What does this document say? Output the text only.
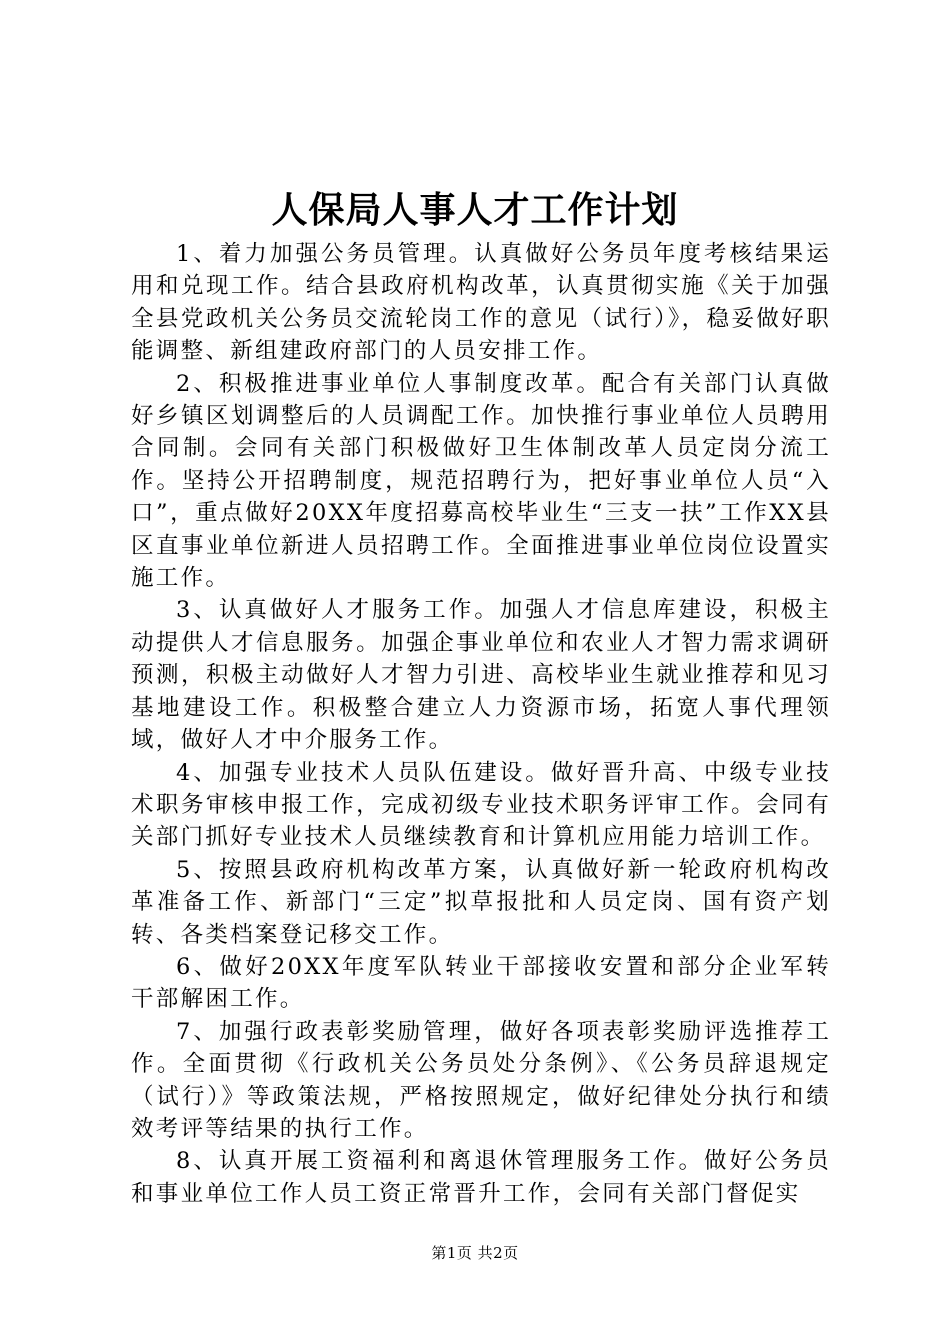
人保局人事人才工作计划

1、着力加强公务员管理。认真做好公务员年度考核结果运用和兑现工作。结合县政府机构改革，认真贯彻实施《关于加强全县党政机关公务员交流轮岗工作的意见（试行）》，稳妥做好职能调整、新组建政府部门的人员安排工作。

2、积极推进事业单位人事制度改革。配合有关部门认真做好乡镇区划调整后的人员调配工作。加快推行事业单位人员聘用合同制。会同有关部门积极做好卫生体制改革人员定岗分流工作。坚持公开招聘制度，规范招聘行为，把好事业单位人员“入口”，重点做好20XX年度招募高校毕业生“三支一扶”工作XX县区直事业单位新进人员招聘工作。全面推进事业单位岗位设置实施工作。

3、认真做好人才服务工作。加强人才信息库建设，积极主动提供人才信息服务。加强企事业单位和农业人才智力需求调研预测，积极主动做好人才智力引进、高校毕业生就业推荐和见习基地建设工作。积极整合建立人力资源市场，拓宽人事代理领域，做好人才中介服务工作。

4、加强专业技术人员队伍建设。做好晋升高、中级专业技术职务审核申报工作，完成初级专业技术职务评审工作。会同有关部门抓好专业技术人员继续教育和计算机应用能力培训工作。

5、按照县政府机构改革方案，认真做好新一轮政府机构改革准备工作、新部门“三定”拟草报批和人员定岗、国有资产划转、各类档案登记移交工作。

6、做好20XX年度军队转业干部接收安置和部分企业军转干部解困工作。

7、加强行政表彰奖励管理，做好各项表彰奖励评选推荐工作。全面贯彻《行政机关公务员处分条例》、《公务员辞退规定（试行）》等政策法规，严格按照规定，做好纪律处分执行和绩效考评等结果的执行工作。

8、认真开展工资福利和离退休管理服务工作。做好公务员和事业单位工作人员工资正常晋升工作，会同有关部门督促实

第1页 共2页
